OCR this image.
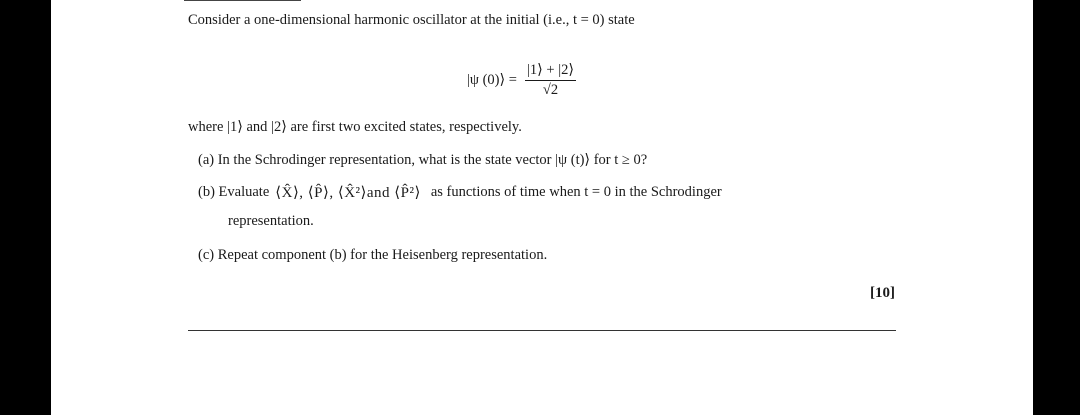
Consider a one-dimensional harmonic oscillator at the initial (i.e., t = 0) state
|ψ (0)⟩ = $\frac{|1⟩ + |2⟩}{√2}$
where |1⟩ and |2⟩ are first two excited states, respectively.
(a) In the Schrodinger representation, what is the state vector |ψ (t)⟩ for t ≥ 0?
(b) Evaluate ⟨X̂⟩, ⟨P̂⟩, ⟨X̂²⟩and ⟨P̂²⟩ as functions of time when t = 0 in the Schrodinger
representation.
(c) Repeat component (b) for the Heisenberg representation.
[10]
